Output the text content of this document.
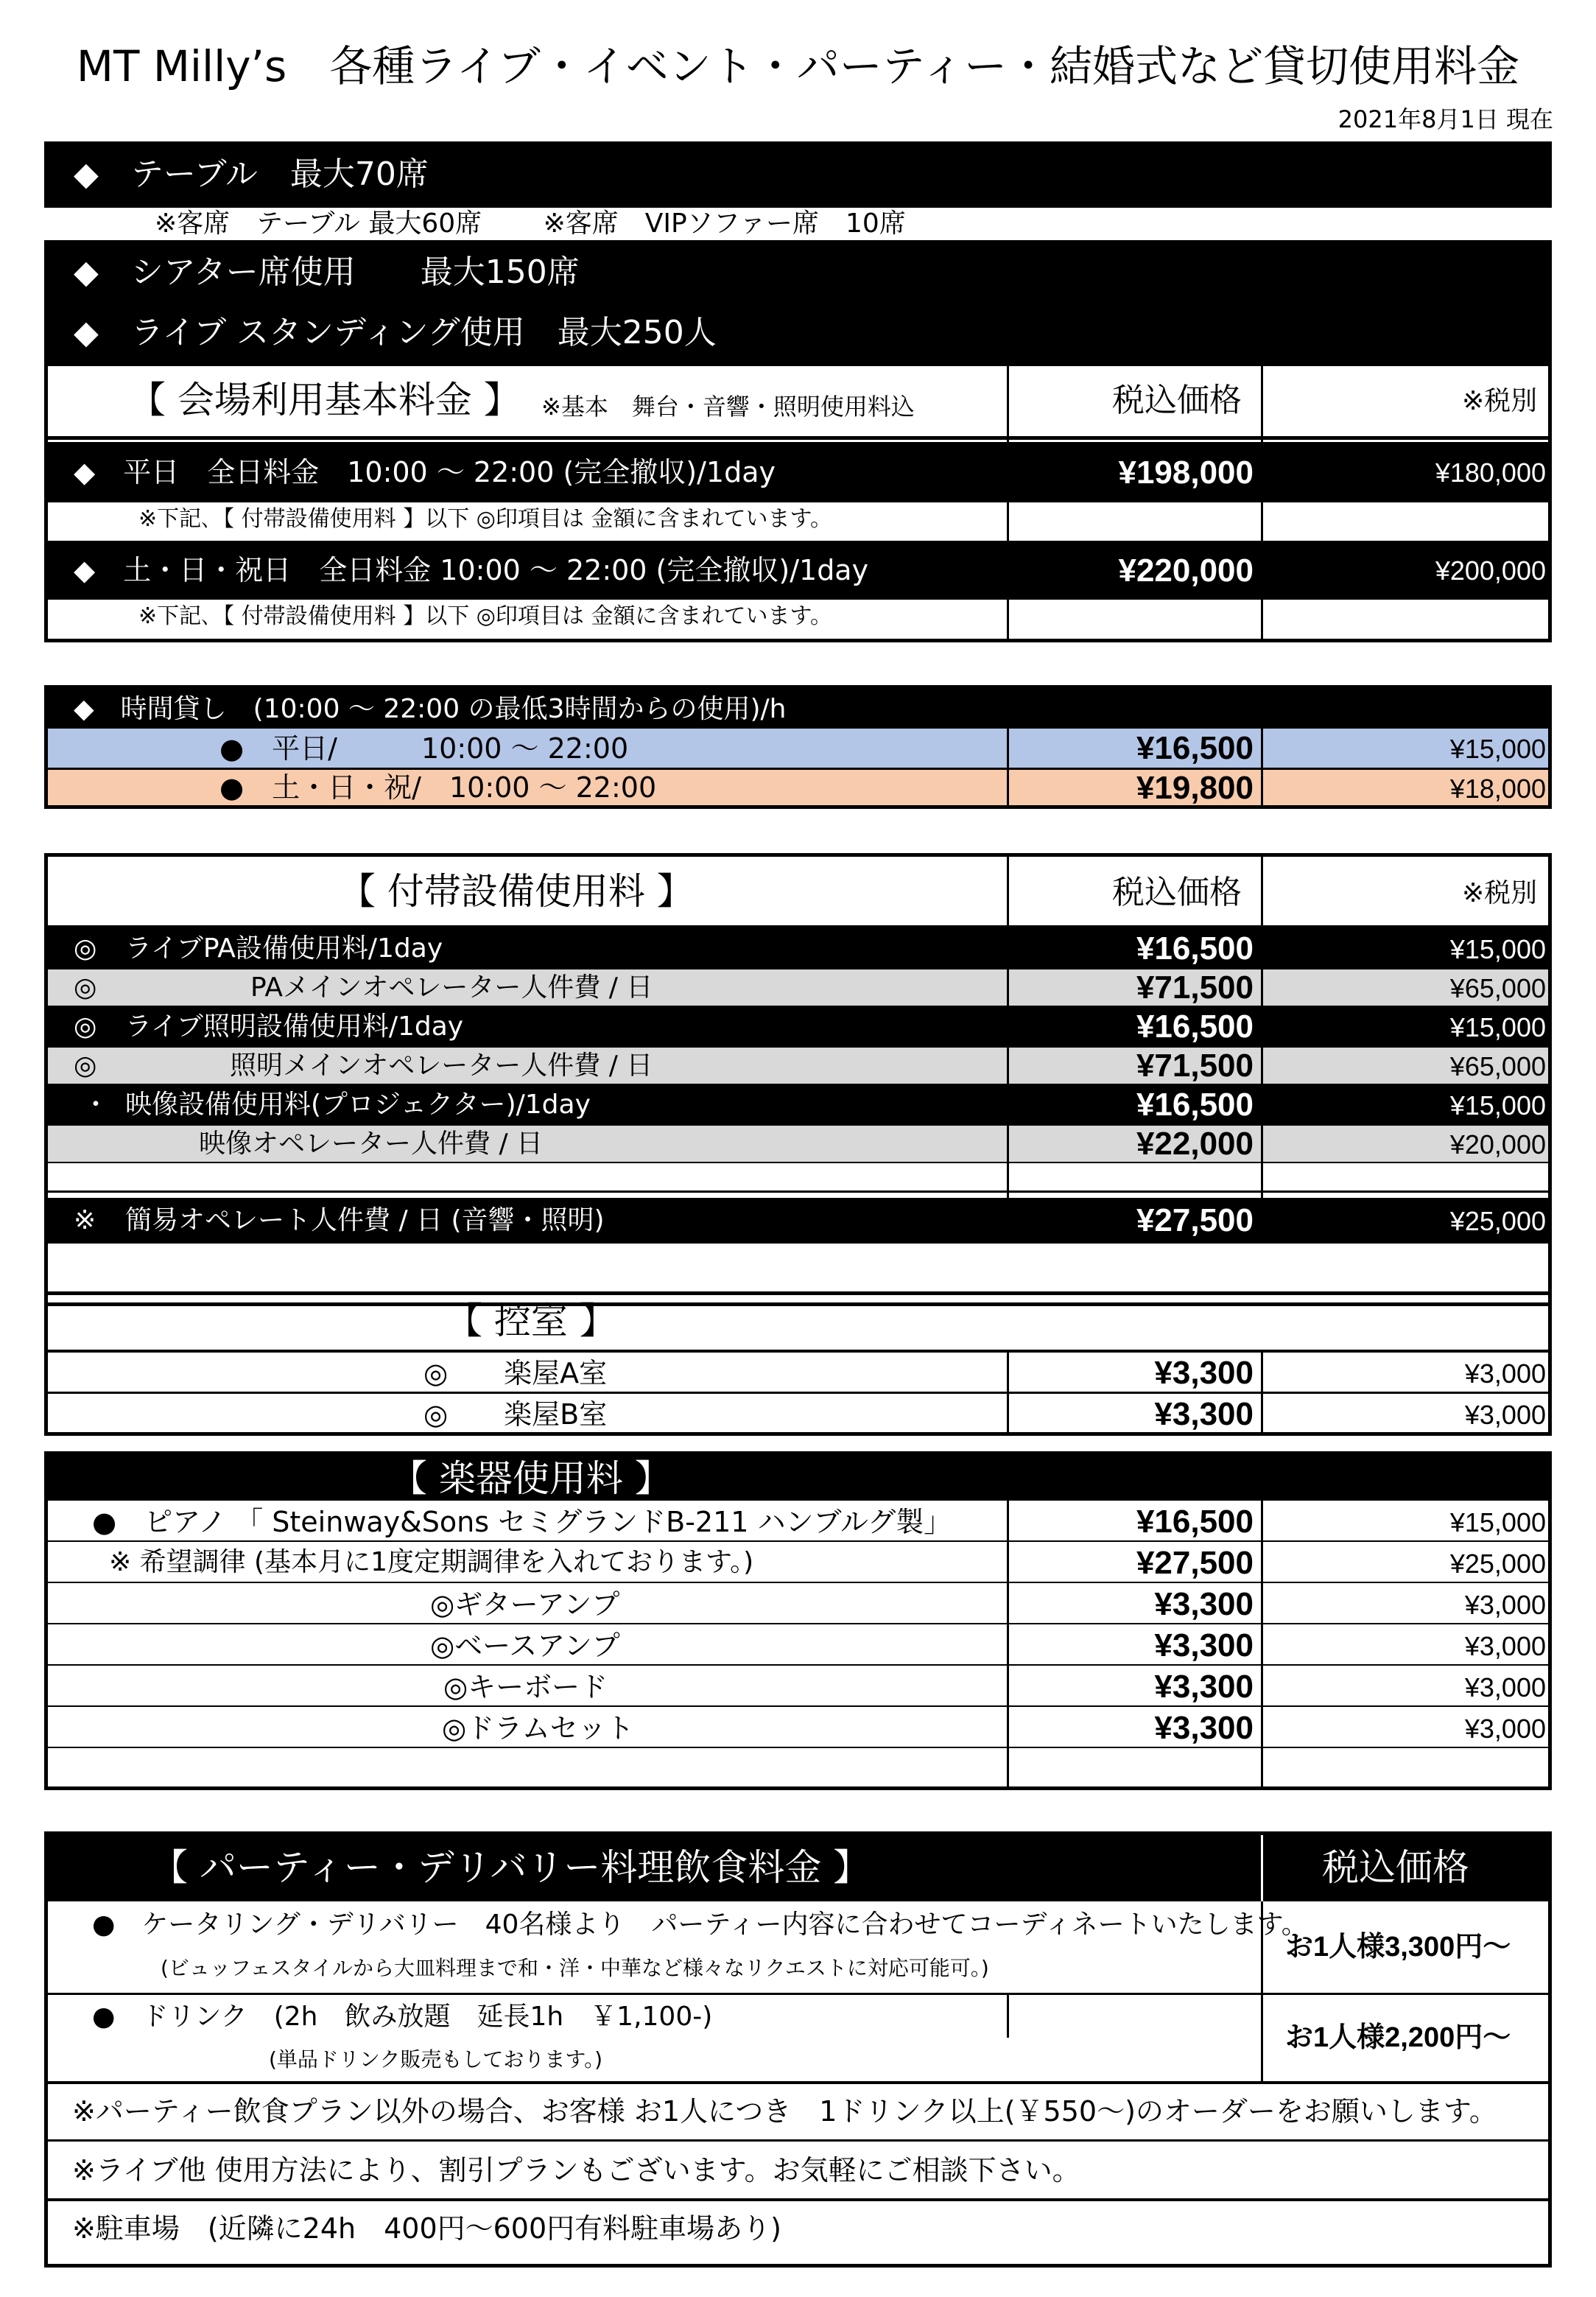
MT Milly’s　各種ライブ・イベント・パーティー・結婚式など貸切使用料金
2021年8月1日 現在
◆　テーブル　最大70席
※客席　テーブル 最大60席　　 ※客席　VIPソファー席　10席
◆　シアター席使用　　最大150席
◆　ライブ スタンディング使用　最大250人
【 会場利用基本料金 】 ※基本　舞台・音響・照明使用料込	税込価格	※税別
◆　平日　全日料金　10:00 ～ 22:00 (完全撤収)/1day	¥198,000	¥180,000
※下記､【 付帯設備使用料 】以下 ◎印項目は 金額に含まれています。
◆　土・日・祝日　全日料金 10:00 ～ 22:00 (完全撤収)/1day	¥220,000	¥200,000
※下記､【 付帯設備使用料 】以下 ◎印項目は 金額に含まれています。
◆　時間貸し　(10:00 ～ 22:00 の最低3時間からの使用)/h
●　平日/　　　10:00 ～ 22:00	¥16,500	¥15,000
●　土・日・祝/　10:00 ～ 22:00	¥19,800	¥18,000
【 付帯設備使用料 】	税込価格	※税別
◎ ライブPA設備使用料/1day	¥16,500	¥15,000
◎	PAメインオペレーター人件費 / 日	¥71,500	¥65,000
◎ ライブ照明設備使用料/1day	¥16,500	¥15,000
◎	照明メインオペレーター人件費 / 日	¥71,500	¥65,000
・ 映像設備使用料(プロジェクター)/1day	¥16,500	¥15,000
映像オペレーター人件費 / 日	¥22,000	¥20,000
※ 簡易オペレート人件費 / 日 (音響・照明)	¥27,500	¥25,000
【 控室 】
◎　　楽屋A室	¥3,300	¥3,000
◎　　楽屋B室	¥3,300	¥3,000
【 楽器使用料 】
●　ピアノ 「 Steinway&Sons セミグランドB-211 ハンブルグ製」	¥16,500	¥15,000
※ 希望調律 (基本月に1度定期調律を入れております。)	¥27,500	¥25,000
◎ギターアンプ	¥3,300	¥3,000
◎ベースアンプ	¥3,300	¥3,000
◎キーボード	¥3,300	¥3,000
◎ドラムセット	¥3,300	¥3,000
【 パーティー・デリバリー料理飲食料金 】	税込価格
●　ケータリング・デリバリー　40名様より　パーティー内容に合わせてコーディネートいたします。
(ビュッフェスタイルから大皿料理まで和・洋・中華など様々なリクエストに対応可能可。)
お1人様3,300円～
●　ドリンク　(2h　飲み放題　延長1h　￥1,100-)
(単品ドリンク販売もしております。)
お1人様2,200円～
※パーティー飲食プラン以外の場合、お客様 お1人につき　1ドリンク以上(￥550～)のオーダーをお願いします。
※ライブ他 使用方法により、割引プランもございます。お気軽にご相談下さい。
※駐車場　(近隣に24h　400円～600円有料駐車場あり)
